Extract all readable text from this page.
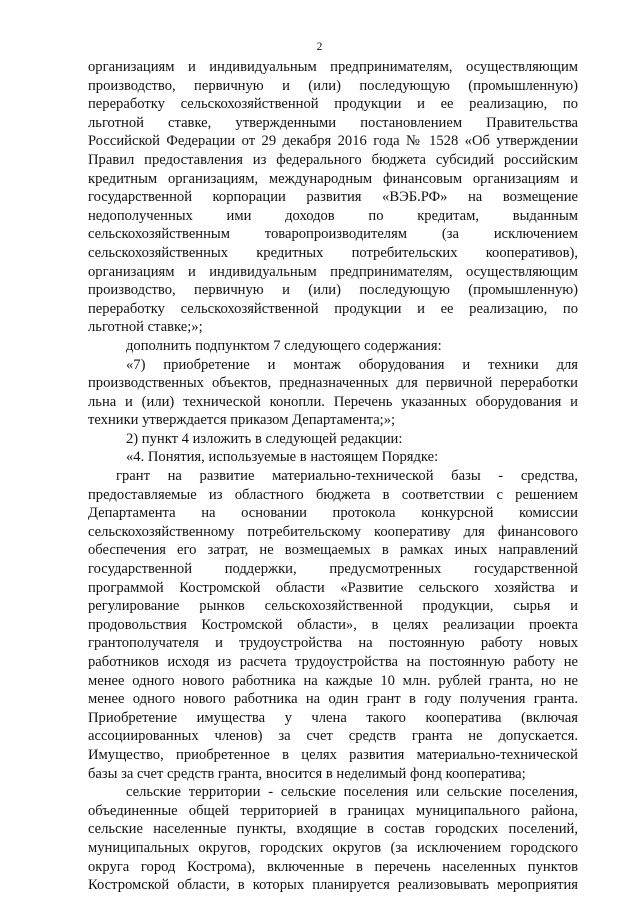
2
организациям и индивидуальным предпринимателям, осуществляющим
производство, первичную и (или) последующую (промышленную)
переработку сельскохозяйственной продукции и ее реализацию, по
льготной ставке, утвержденными постановлением Правительства
Российской Федерации от 29 декабря 2016 года № 1528 «Об утверждении
Правил предоставления из федерального бюджета субсидий российским
кредитным организациям, международным финансовым организациям и
государственной корпорации развития «ВЭБ.РФ» на возмещение
недополученных ими доходов по кредитам, выданным
сельскохозяйственным товаропроизводителям (за исключением
сельскохозяйственных кредитных потребительских кооперативов),
организациям и индивидуальным предпринимателям, осуществляющим
производство, первичную и (или) последующую (промышленную)
переработку сельскохозяйственной продукции и ее реализацию, по
льготной ставке;»;
дополнить подпунктом 7 следующего содержания:
«7) приобретение и монтаж оборудования и техники для
производственных объектов, предназначенных для первичной переработки
льна и (или) технической конопли. Перечень указанных оборудования и
техники утверждается приказом Департамента;»;
2) пункт 4 изложить в следующей редакции:
«4. Понятия, используемые в настоящем Порядке:
грант на развитие материально-технической базы - средства,
предоставляемые из областного бюджета в соответствии с решением
Департамента на основании протокола конкурсной комиссии
сельскохозяйственному потребительскому кооперативу для финансового
обеспечения его затрат, не возмещаемых в рамках иных направлений
государственной поддержки, предусмотренных государственной
программой Костромской области «Развитие сельского хозяйства и
регулирование рынков сельскохозяйственной продукции, сырья и
продовольствия Костромской области», в целях реализации проекта
грантополучателя и трудоустройства на постоянную работу новых
работников исходя из расчета трудоустройства на постоянную работу не
менее одного нового работника на каждые 10 млн. рублей гранта, но не
менее одного нового работника на один грант в году получения гранта.
Приобретение имущества у члена такого кооператива (включая
ассоциированных членов) за счет средств гранта не допускается.
Имущество, приобретенное в целях развития материально-технической
базы за счет средств гранта, вносится в неделимый фонд кооператива;
сельские территории - сельские поселения или сельские поселения,
объединенные общей территорией в границах муниципального района,
сельские населенные пункты, входящие в состав городских поселений,
муниципальных округов, городских округов (за исключением городского
округа город Кострома), включенные в перечень населенных пунктов
Костромской области, в которых планируется реализовывать мероприятия
